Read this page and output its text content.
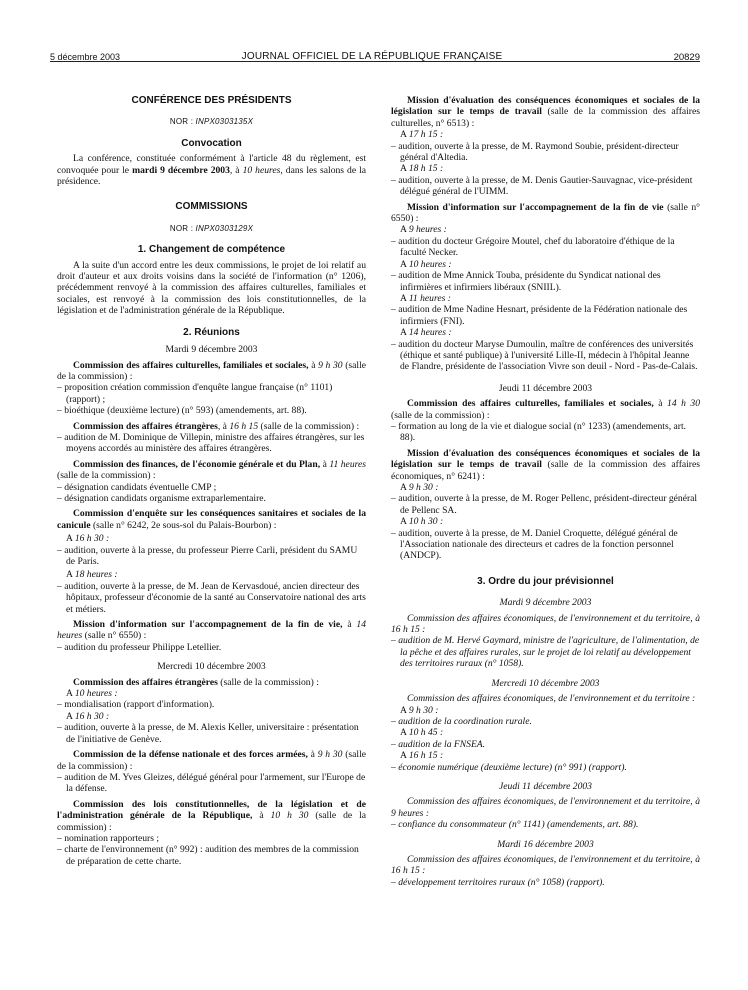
5 décembre 2003	JOURNAL OFFICIEL DE LA RÉPUBLIQUE FRANÇAISE	20829
CONFÉRENCE DES PRÉSIDENTS

NOR : INPX0303135X

Convocation

La conférence, constituée conformément à l'article 48 du règlement, est convoquée pour le mardi 9 décembre 2003, à 10 heures, dans les salons de la présidence.

COMMISSIONS

NOR : INPX0303129X

1. Changement de compétence

A la suite d'un accord entre les deux commissions, le projet de loi relatif au droit d'auteur et aux droits voisins dans la société de l'information (n° 1206), précédemment renvoyé à la commission des affaires culturelles, familiales et sociales, est renvoyé à la commission des lois constitutionnelles, de la législation et de l'administration générale de la République.

2. Réunions

Mardi 9 décembre 2003

Commission des affaires culturelles, familiales et sociales, à 9 h 30 (salle de la commission) :

– proposition création commission d'enquête langue française (n° 1101) (rapport) ;

– bioéthique (deuxième lecture) (n° 593) (amendements, art. 88).

Commission des affaires étrangères, à 16 h 15 (salle de la commission) :

– audition de M. Dominique de Villepin, ministre des affaires étrangères, sur les moyens accordés au ministère des affaires étrangères.

Commission des finances, de l'économie générale et du Plan, à 11 heures (salle de la commission) :

– désignation candidats éventuelle CMP ;

– désignation candidats organisme extraparlementaire.

Commission d'enquête sur les conséquences sanitaires et sociales de la canicule (salle n° 6242, 2e sous-sol du Palais-Bourbon) :

A 16 h 30 :

– audition, ouverte à la presse, du professeur Pierre Carli, président du SAMU de Paris.

A 18 heures :

– audition, ouverte à la presse, de M. Jean de Kervasdoué, ancien directeur des hôpitaux, professeur d'économie de la santé au Conservatoire national des arts et métiers.

Mission d'information sur l'accompagnement de la fin de vie, à 14 heures (salle n° 6550) :

– audition du professeur Philippe Letellier.

Mercredi 10 décembre 2003

Commission des affaires étrangères (salle de la commission) :

A 10 heures :

– mondialisation (rapport d'information).

A 16 h 30 :

– audition, ouverte à la presse, de M. Alexis Keller, universitaire : présentation de l'initiative de Genève.

Commission de la défense nationale et des forces armées, à 9 h 30 (salle de la commission) :

– audition de M. Yves Gleizes, délégué général pour l'armement, sur l'Europe de la défense.

Commission des lois constitutionnelles, de la législation et de l'administration générale de la République, à 10 h 30 (salle de la commission) :

– nomination rapporteurs ;

– charte de l'environnement (n° 992) : audition des membres de la commission de préparation de cette charte.

Mission d'évaluation des conséquences économiques et sociales de la législation sur le temps de travail (salle de la commission des affaires culturelles, n° 6513) :

A 17 h 15 :

– audition, ouverte à la presse, de M. Raymond Soubie, président-directeur général d'Altedia.

A 18 h 15 :

– audition, ouverte à la presse, de M. Denis Gautier-Sauvagnac, vice-président délégué général de l'UIMM.

Mission d'information sur l'accompagnement de la fin de vie (salle n° 6550) :

A 9 heures :

– audition du docteur Grégoire Moutel, chef du laboratoire d'éthique de la faculté Necker.

A 10 heures :

– audition de Mme Annick Touba, présidente du Syndicat national des infirmières et infirmiers libéraux (SNIIL).

A 11 heures :

– audition de Mme Nadine Hesnart, présidente de la Fédération nationale des infirmiers (FNI).

A 14 heures :

– audition du docteur Maryse Dumoulin, maître de conférences des universités (éthique et santé publique) à l'université Lille-II, médecin à l'hôpital Jeanne de Flandre, présidente de l'association Vivre son deuil - Nord - Pas-de-Calais.

Jeudi 11 décembre 2003

Commission des affaires culturelles, familiales et sociales, à 14 h 30 (salle de la commission) :

– formation au long de la vie et dialogue social (n° 1233) (amendements, art. 88).

Mission d'évaluation des conséquences économiques et sociales de la législation sur le temps de travail (salle de la commission des affaires économiques, n° 6241) :

A 9 h 30 :

– audition, ouverte à la presse, de M. Roger Pellenc, président-directeur général de Pellenc SA.

A 10 h 30 :

– audition, ouverte à la presse, de M. Daniel Croquette, délégué général de l'Association nationale des directeurs et cadres de la fonction personnel (ANDCP).

3. Ordre du jour prévisionnel

Mardi 9 décembre 2003

Commission des affaires économiques, de l'environnement et du territoire, à 16 h 15 :

– audition de M. Hervé Gaymard, ministre de l'agriculture, de l'alimentation, de la pêche et des affaires rurales, sur le projet de loi relatif au développement des territoires ruraux (n° 1058).

Mercredi 10 décembre 2003

Commission des affaires économiques, de l'environnement et du territoire :

A 9 h 30 :

– audition de la coordination rurale.

A 10 h 45 :

– audition de la FNSEA.

A 16 h 15 :

– économie numérique (deuxième lecture) (n° 991) (rapport).

Jeudi 11 décembre 2003

Commission des affaires économiques, de l'environnement et du territoire, à 9 heures :

– confiance du consommateur (n° 1141) (amendements, art. 88).

Mardi 16 décembre 2003

Commission des affaires économiques, de l'environnement et du territoire, à 16 h 15 :

– développement territoires ruraux (n° 1058) (rapport).
